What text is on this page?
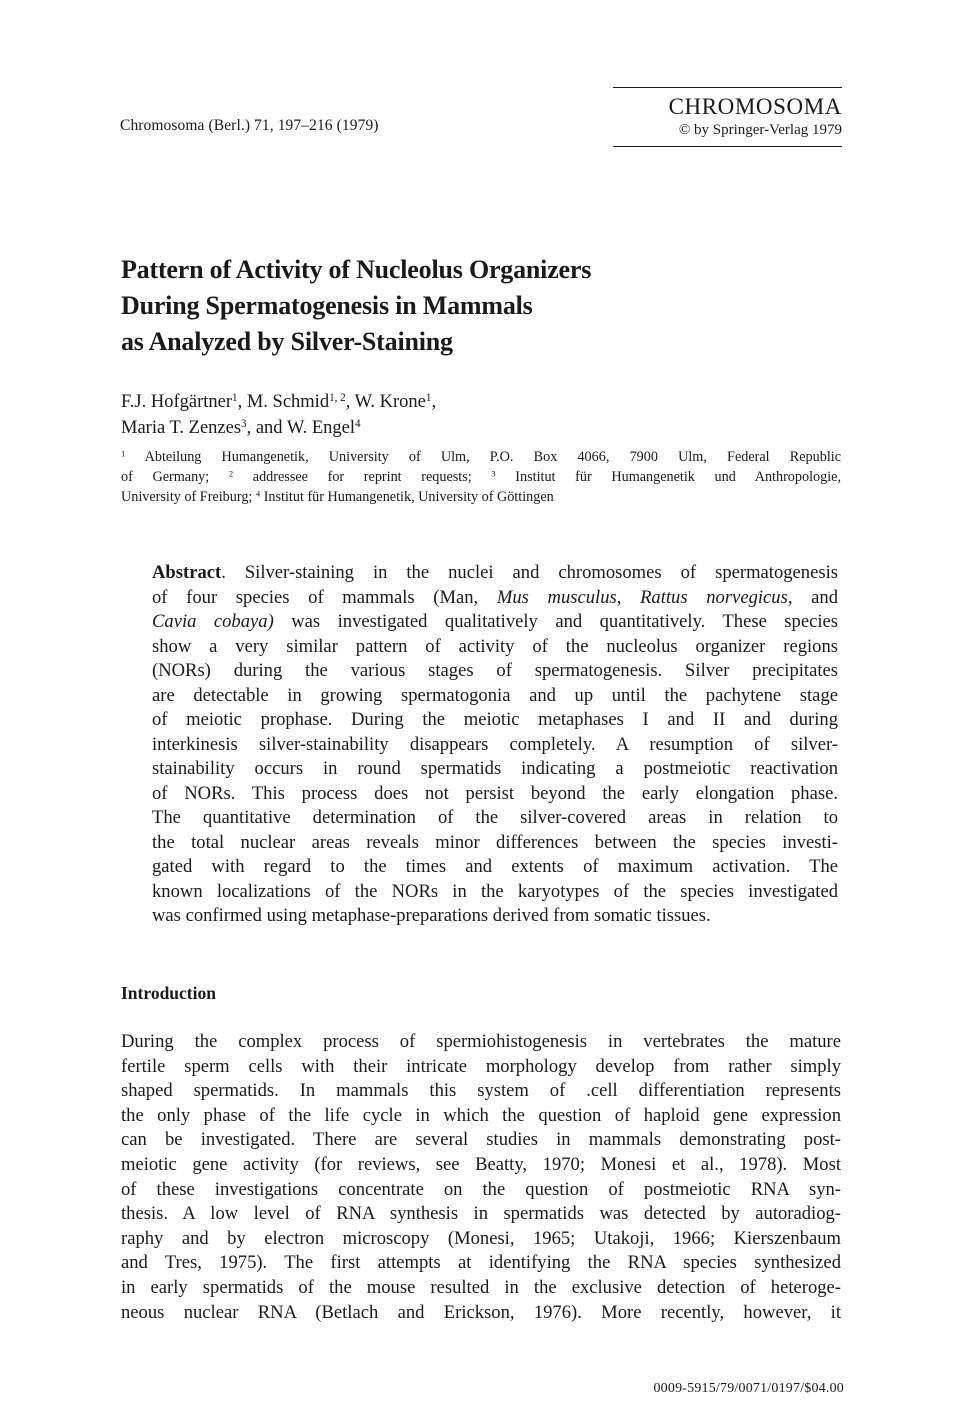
Chromosoma (Berl.) 71, 197–216 (1979)
CHROMOSOMA
© by Springer-Verlag 1979
Pattern of Activity of Nucleolus Organizers
During Spermatogenesis in Mammals
as Analyzed by Silver-Staining
F.J. Hofgärtner$^1$, M. Schmid$^{1, 2}$, W. Krone$^1$,
Maria T. Zenzes$^3$, and W. Engel$^4$
$^1$ Abteilung Humangenetik, University of Ulm, P.O. Box 4066, 7900 Ulm, Federal Republic
of Germany; $^2$ addressee for reprint requests; $^3$ Institut für Humangenetik und Anthropologie,
University of Freiburg; $^4$ Institut für Humangenetik, University of Göttingen
Abstract. Silver-staining in the nuclei and chromosomes of spermatogenesis
of four species of mammals (Man, Mus musculus, Rattus norvegicus, and
Cavia cobaya) was investigated qualitatively and quantitatively. These species
show a very similar pattern of activity of the nucleolus organizer regions
(NORs) during the various stages of spermatogenesis. Silver precipitates
are detectable in growing spermatogonia and up until the pachytene stage
of meiotic prophase. During the meiotic metaphases I and II and during
interkinesis silver-stainability disappears completely. A resumption of silver-
stainability occurs in round spermatids indicating a postmeiotic reactivation
of NORs. This process does not persist beyond the early elongation phase.
The quantitative determination of the silver-covered areas in relation to
the total nuclear areas reveals minor differences between the species investi-
gated with regard to the times and extents of maximum activation. The
known localizations of the NORs in the karyotypes of the species investigated
was confirmed using metaphase-preparations derived from somatic tissues.
Introduction
During the complex process of spermiohistogenesis in vertebrates the mature
fertile sperm cells with their intricate morphology develop from rather simply
shaped spermatids. In mammals this system of .cell differentiation represents
the only phase of the life cycle in which the question of haploid gene expression
can be investigated. There are several studies in mammals demonstrating post-
meiotic gene activity (for reviews, see Beatty, 1970; Monesi et al., 1978). Most
of these investigations concentrate on the question of postmeiotic RNA syn-
thesis. A low level of RNA synthesis in spermatids was detected by autoradiog-
raphy and by electron microscopy (Monesi, 1965; Utakoji, 1966; Kierszenbaum
and Tres, 1975). The first attempts at identifying the RNA species synthesized
in early spermatids of the mouse resulted in the exclusive detection of heteroge-
neous nuclear RNA (Betlach and Erickson, 1976). More recently, however, it
0009-5915/79/0071/0197/$04.00
